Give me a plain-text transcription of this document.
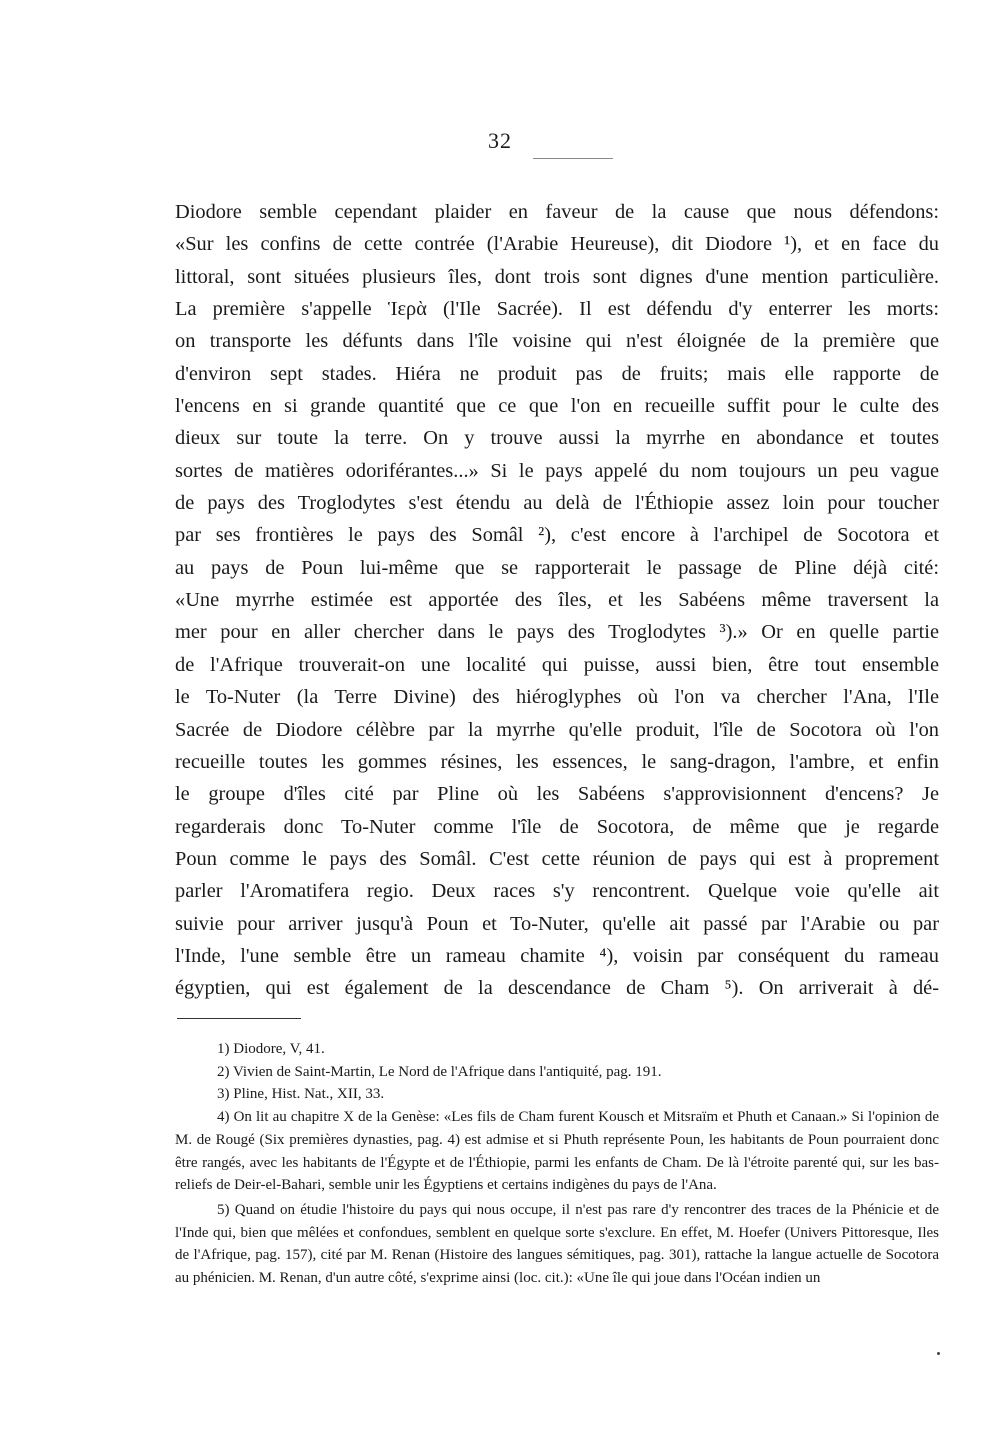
32

Diodore semble cependant plaider en faveur de la cause que nous défendons:

«Sur les confins de cette contrée (l'Arabie Heureuse), dit Diodore ¹), et en face du

littoral, sont situées plusieurs îles, dont trois sont dignes d'une mention particulière.

La première s'appelle Ἱερὰ (l'Ile Sacrée). Il est défendu d'y enterrer les morts:

on transporte les défunts dans l'île voisine qui n'est éloignée de la première que

d'environ sept stades. Hiéra ne produit pas de fruits; mais elle rapporte de

l'encens en si grande quantité que ce que l'on en recueille suffit pour le culte des

dieux sur toute la terre. On y trouve aussi la myrrhe en abondance et toutes

sortes de matières odoriférantes...» Si le pays appelé du nom toujours un peu vague

de pays des Troglodytes s'est étendu au delà de l'Éthiopie assez loin pour toucher

par ses frontières le pays des Somâl ²), c'est encore à l'archipel de Socotora et

au pays de Poun lui-même que se rapporterait le passage de Pline déjà cité:

«Une myrrhe estimée est apportée des îles, et les Sabéens même traversent la

mer pour en aller chercher dans le pays des Troglodytes ³).» Or en quelle partie

de l'Afrique trouverait-on une localité qui puisse, aussi bien, être tout ensemble

le To-Nuter (la Terre Divine) des hiéroglyphes où l'on va chercher l'Ana, l'Ile

Sacrée de Diodore célèbre par la myrrhe qu'elle produit, l'île de Socotora où l'on

recueille toutes les gommes résines, les essences, le sang-dragon, l'ambre, et enfin

le groupe d'îles cité par Pline où les Sabéens s'approvisionnent d'encens? Je

regarderais donc To-Nuter comme l'île de Socotora, de même que je regarde

Poun comme le pays des Somâl. C'est cette réunion de pays qui est à proprement

parler l'Aromatifera regio. Deux races s'y rencontrent. Quelque voie qu'elle ait

suivie pour arriver jusqu'à Poun et To-Nuter, qu'elle ait passé par l'Arabie ou par

l'Inde, l'une semble être un rameau chamite ⁴), voisin par conséquent du rameau

égyptien, qui est également de la descendance de Cham ⁵). On arriverait à dé-

1) Diodore, V, 41.

2) Vivien de Saint-Martin, Le Nord de l'Afrique dans l'antiquité, pag. 191.

3) Pline, Hist. Nat., XII, 33.

4) On lit au chapitre X de la Genèse: «Les fils de Cham furent Kousch et Mitsraïm et Phuth et Canaan.» Si l'opinion de M. de Rougé (Six premières dynasties, pag. 4) est admise et si Phuth représente Poun, les habitants de Poun pourraient donc être rangés, avec les habitants de l'Égypte et de l'Éthiopie, parmi les enfants de Cham. De là l'étroite parenté qui, sur les bas-reliefs de Deir-el-Bahari, semble unir les Égyptiens et certains indigènes du pays de l'Ana.

5) Quand on étudie l'histoire du pays qui nous occupe, il n'est pas rare d'y rencontrer des traces de la Phénicie et de l'Inde qui, bien que mêlées et confondues, semblent en quelque sorte s'exclure. En effet, M. Hoefer (Univers Pittoresque, Iles de l'Afrique, pag. 157), cité par M. Renan (Histoire des langues sémitiques, pag. 301), rattache la langue actuelle de Socotora au phénicien. M. Renan, d'un autre côté, s'exprime ainsi (loc. cit.): «Une île qui joue dans l'Océan indien un
